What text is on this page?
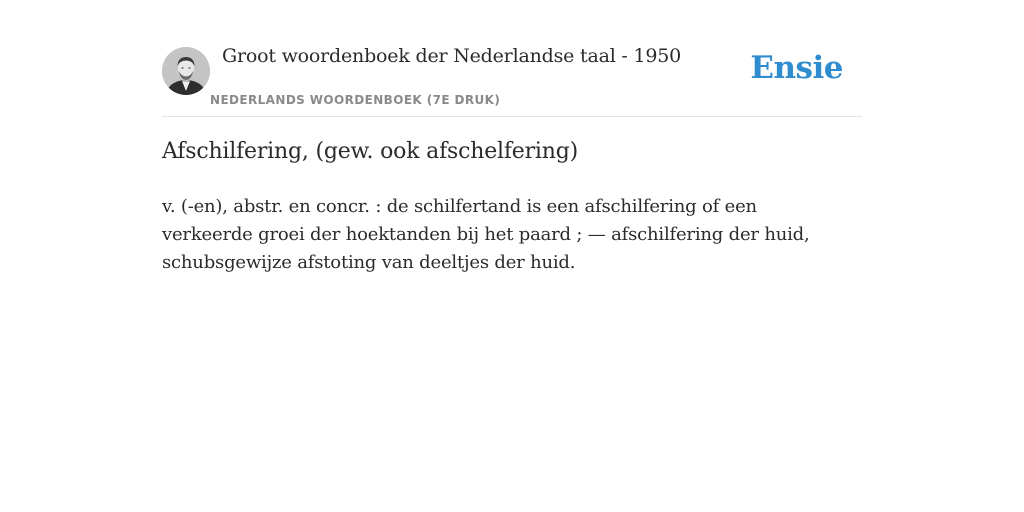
Groot woordenboek der Nederlandse taal - 1950
NEDERLANDS WOORDENBOEK (7E DRUK)
Ensie
Afschilfering, (gew. ook afschelfering)

v. (-en), abstr. en concr. : de schilfertand is een afschilfering of een verkeerde groei der hoektanden bij het paard ; — afschilfering der huid, schubsgewijze afstoting van deeltjes der huid.
